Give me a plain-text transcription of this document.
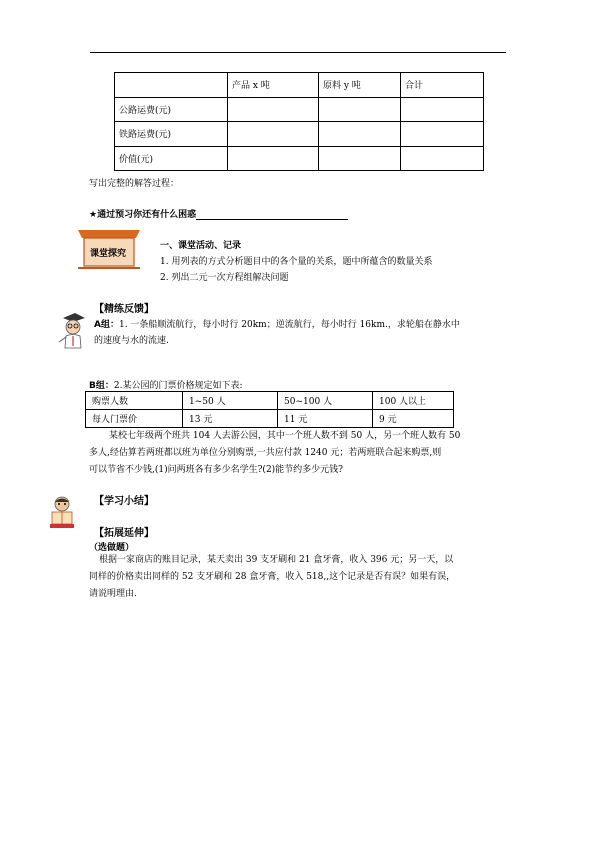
	产品 x 吨	原料 y 吨	合计
公路运费(元)			
铁路运费(元)			
价值(元)			
写出完整的解答过程：
★通过预习你还有什么困惑
课堂探究
一、课堂活动、记录
1. 用列表的方式分析题目中的各个量的关系，题中所蕴含的数量关系
2. 列出二元一次方程组解决问题
【精练反馈】
A组：1. 一条船顺流航行，每小时行 20km；逆流航行，每小时行 16km.，求轮船在静水中
的速度与水的流速.
B组：2.某公园的门票价格规定如下表:
购票人数	1~50 人	50~100 人	100 人以上
每人门票价	13 元	11 元	9 元
某校七年级两个班共 104 人去游公园，其中一个班人数不到 50 人，另一个班人数有 50
多人,经估算若两班都以班为单位分别购票,一共应付款 1240 元；若两班联合起来购票,则
可以节省不少钱,(1)问两班各有多少名学生?(2)能节约多少元钱?
【学习小结】
【拓展延伸】
（选做题）
根据一家商店的账目记录，某天卖出 39 支牙刷和 21 盒牙膏，收入 396 元；另一天，以
同样的价格卖出同样的 52 支牙刷和 28 盒牙膏，收入 518,,这个记录是否有误？如果有误，
请说明理由.
